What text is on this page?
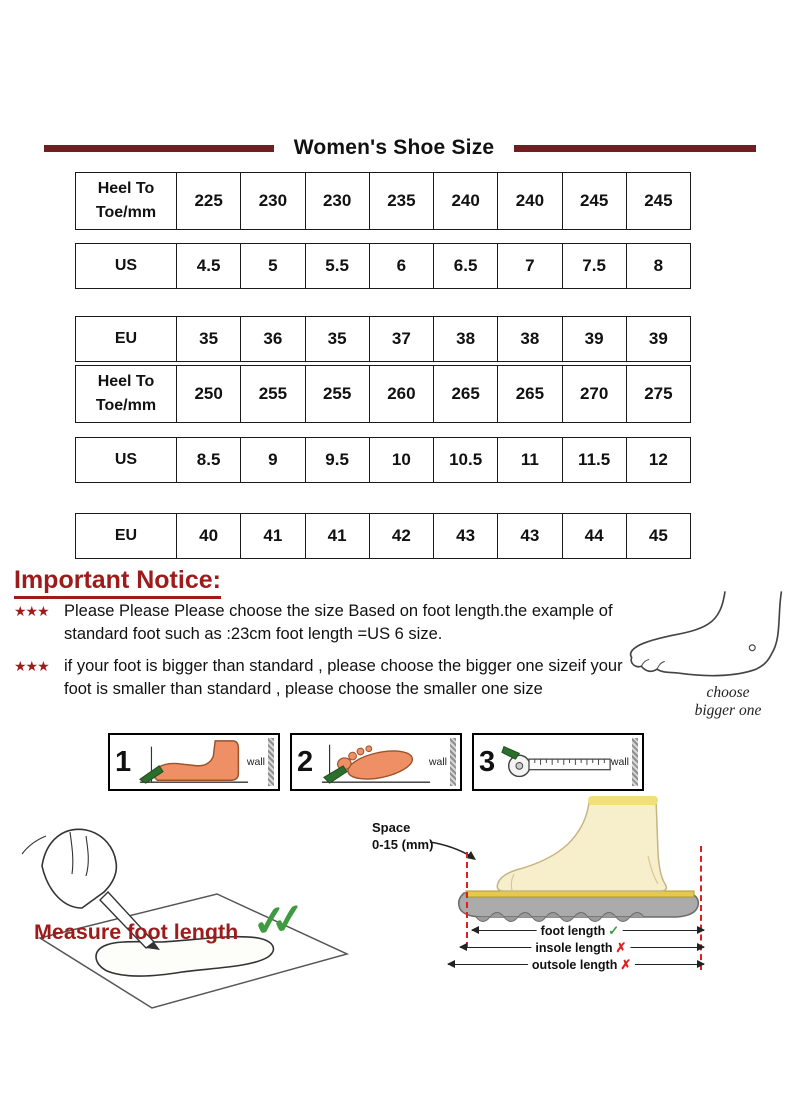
Women's Shoe Size
Heel To Toe/mm
225	230	230	235	240	240	245	245
US	4.5	5	5.5	6	6.5	7	7.5	8
EU	35	36	35	37	38	38	39	39
Heel To Toe/mm
250	255	255	260	265	265	270	275
US	8.5	9	9.5	10	10.5	11	11.5	12
EU	40	41	41	42	43	43	44	45
Important Notice:
★★★ Please Please Please choose the size Based on foot length.the example of standard foot such as :23cm foot length =US 6 size.
★★★ if your foot is bigger than standard , please choose the bigger one sizeif your foot is smaller than standard , please choose the smaller one size	choose
bigger one
1	wall 2	wall 3	wall
Measure foot length ✓✓
Space
0-15 (mm)
foot length ✓
insole length ✗
outsole length ✗
